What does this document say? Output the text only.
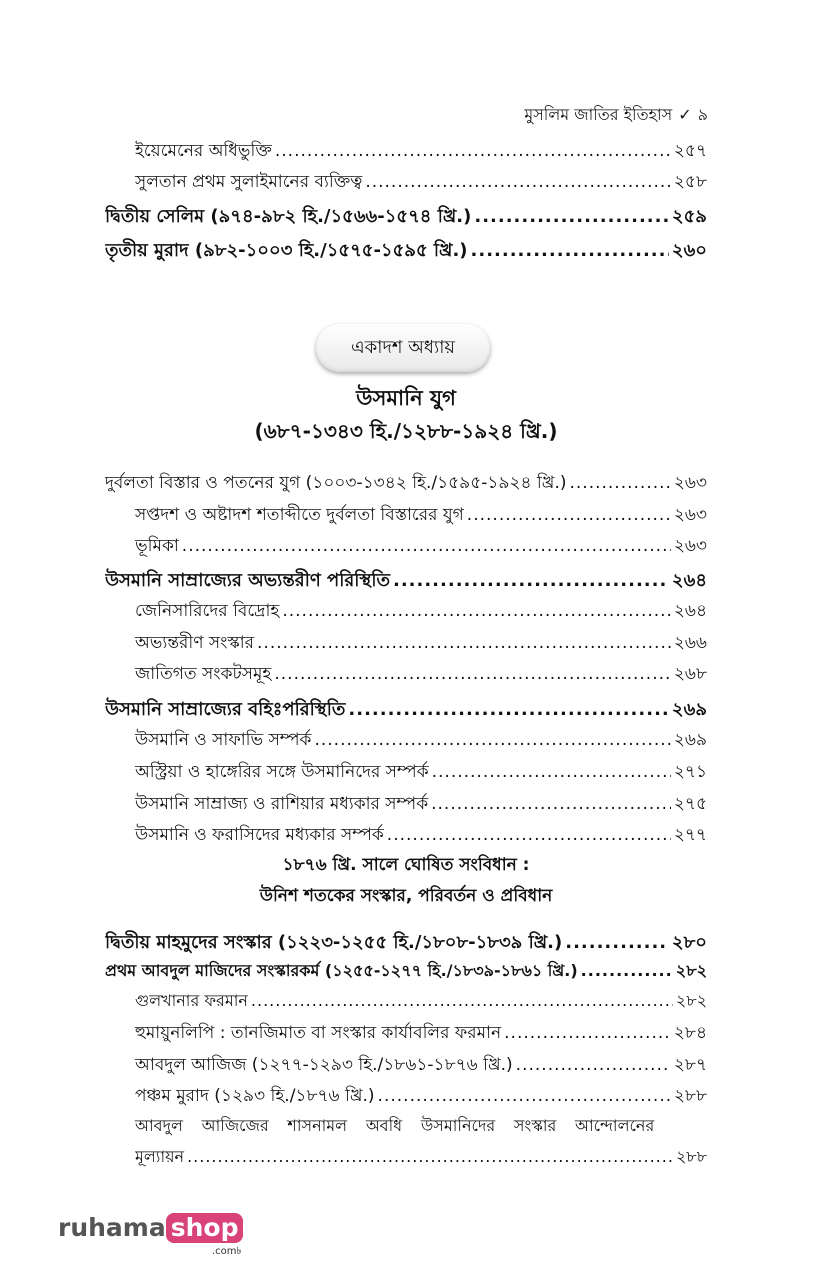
মুসলিম জাতির ইতিহাস ✓ ৯
ইয়েমেনের অধিভুক্তি .....	২৫৭
সুলতান প্রথম সুলাইমানের ব্যক্তিত্ব .....	২৫৮
দ্বিতীয় সেলিম (৯৭৪-৯৮২ হি./১৫৬৬-১৫৭৪ খ্রি.) .....	২৫৯
তৃতীয় মুরাদ (৯৮২-১০০৩ হি./১৫৭৫-১৫৯৫ খ্রি.) .....	২৬০
একাদশ অধ্যায়
উসমানি যুগ
(৬৮৭-১৩৪৩ হি./১২৮৮-১৯২৪ খ্রি.)
দুর্বলতা বিস্তার ও পতনের যুগ (১০০৩-১৩৪২ হি./১৫৯৫-১৯২৪ খ্রি.) .....	২৬৩
সপ্তদশ ও অষ্টাদশ শতাব্দীতে দুর্বলতা বিস্তারের যুগ .....	২৬৩
ভূমিকা .....	২৬৩
উসমানি সাম্রাজ্যের অভ্যন্তরীণ পরিস্থিতি .....	২৬৪
জেনিসারিদের বিদ্রোহ .....	২৬৪
অভ্যন্তরীণ সংস্কার .....	২৬৬
জাতিগত সংকটসমূহ .....	২৬৮
উসমানি সাম্রাজ্যের বহিঃপরিস্থিতি .....	২৬৯
উসমানি ও সাফাভি সম্পর্ক .....	২৬৯
অস্ট্রিয়া ও হাঙ্গেরির সঙ্গে উসমানিদের সম্পর্ক .....	২৭১
উসমানি সাম্রাজ্য ও রাশিয়ার মধ্যকার সম্পর্ক .....	২৭৫
উসমানি ও ফরাসিদের মধ্যকার সম্পর্ক .....	২৭৭
১৮৭৬ খ্রি. সালে ঘোষিত সংবিধান :
উনিশ শতকের সংস্কার, পরিবর্তন ও প্রবিধান
দ্বিতীয় মাহমুদের সংস্কার (১২২৩-১২৫৫ হি./১৮০৮-১৮৩৯ খ্রি.) .....	২৮০
প্রথম আবদুল মাজিদের সংস্কারকর্ম (১২৫৫-১২৭৭ হি./১৮৩৯-১৮৬১ খ্রি.) .....	২৮২
গুলখানার ফরমান .....	২৮২
হুমায়ুনলিপি : তানজিমাত বা সংস্কার কার্যাবলির ফরমান .....	২৮৪
আবদুল আজিজ (১২৭৭-১২৯৩ হি./১৮৬১-১৮৭৬ খ্রি.) .....	২৮৭
পঞ্চম মুরাদ (১২৯৩ হি./১৮৭৬ খ্রি.) .....	২৮৮
আবদুল আজিজের শাসনামল অবধি উসমানিদের সংস্কার আন্দোলনের
মূল্যায়ন .....	২৮৮
ruhama shop
.com৳
